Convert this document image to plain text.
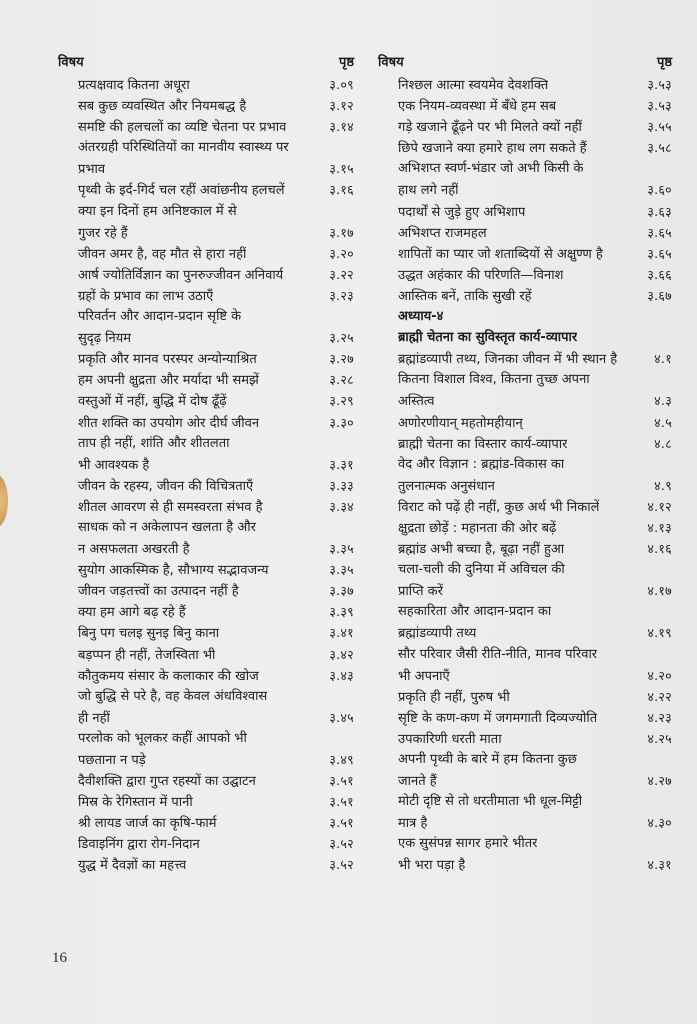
विषय	पृष्ठ
प्रत्यक्षवाद कितना अधूरा	३.०९
सब कुछ व्यवस्थित और नियमबद्ध है	३.१२
समष्टि की हलचलों का व्यष्टि चेतना पर प्रभाव	३.१४
अंतरग्रही परिस्थितियों का मानवीय स्वास्थ्य पर
प्रभाव	३.१५
पृथ्वी के इर्द-गिर्द चल रहीं अवांछनीय हलचलें	३.१६
क्या इन दिनों हम अनिष्टकाल में से
गुजर रहे हैं	३.१७
जीवन अमर है, वह मौत से हारा नहीं	३.२०
आर्ष ज्योतिर्विज्ञान का पुनरुज्जीवन अनिवार्य	३.२२
ग्रहों के प्रभाव का लाभ उठाएँ	३.२३
परिवर्तन और आदान-प्रदान सृष्टि के
सुदृढ़ नियम	३.२५
प्रकृति और मानव परस्पर अन्योन्याश्रित	३.२७
हम अपनी क्षुद्रता और मर्यादा भी समझें	३.२८
वस्तुओं में नहीं, बुद्धि में दोष ढूँढ़ें	३.२९
शीत शक्ति का उपयोग ओर दीर्घ जीवन	३.३०
ताप ही नहीं, शांति और शीतलता
भी आवश्यक है	३.३१
जीवन के रहस्य, जीवन की विचित्रताएँ	३.३३
शीतल आवरण से ही समस्वरता संभव है	३.३४
साधक को न अकेलापन खलता है और
न असफलता अखरती है	३.३५
सुयोग आकस्मिक है, सौभाग्य सद्भावजन्य	३.३५
जीवन जड़तत्त्वों का उत्पादन नहीं है	३.३७
क्या हम आगे बढ़ रहे हैं	३.३९
बिनु पग चलइ सुनइ बिनु काना	३.४१
बड़प्पन ही नहीं, तेजस्विता भी	३.४२
कौतुकमय संसार के कलाकार की खोज	३.४३
जो बुद्धि से परे है, वह केवल अंधविश्वास
ही नहीं	३.४५
परलोक को भूलकर कहीं आपको भी
पछताना न पड़े	३.४९
दैवीशक्ति द्वारा गुप्त रहस्यों का उद्घाटन	३.५१
मिस्र के रेगिस्तान में पानी	३.५१
श्री लायड जार्ज का कृषि-फार्म	३.५१
डिवाइनिंग द्वारा रोग-निदान	३.५२
युद्ध में दैवज्ञों का महत्त्व	३.५२
विषय	पृष्ठ
निश्छल आत्मा स्वयमेव देवशक्ति	३.५३
एक नियम-व्यवस्था में बँधे हम सब	३.५३
गड़े खजाने ढूँढ़ने पर भी मिलते क्यों नहीं	३.५५
छिपे खजाने क्या हमारे हाथ लग सकते हैं	३.५८
अभिशप्त स्वर्ण-भंडार जो अभी किसी के
हाथ लगे नहीं	३.६०
पदार्थों से जुड़े हुए अभिशाप	३.६३
अभिशप्त राजमहल	३.६५
शापितों का प्यार जो शताब्दियों से अक्षुण्ण है	३.६५
उद्धत अहंकार की परिणति—विनाश	३.६६
आस्तिक बनें, ताकि सुखी रहें	३.६७
अध्याय-४
ब्राह्मी चेतना का सुविस्तृत कार्य-व्यापार
ब्रह्मांडव्यापी तथ्य, जिनका जीवन में भी स्थान है	४.१
कितना विशाल विश्व, कितना तुच्छ अपना
अस्तित्व	४.३
अणोरणीयान् महतोमहीयान्	४.५
ब्राह्मी चेतना का विस्तार कार्य-व्यापार	४.८
वेद और विज्ञान : ब्रह्मांड-विकास का
तुलनात्मक अनुसंधान	४.९
विराट को पढ़ें ही नहीं, कुछ अर्थ भी निकालें	४.१२
क्षुद्रता छोड़ें : महानता की ओर बढ़ें	४.१३
ब्रह्मांड अभी बच्चा है, बूढ़ा नहीं हुआ	४.१६
चला-चली की दुनिया में अविचल की
प्राप्ति करें	४.१७
सहकारिता और आदान-प्रदान का
ब्रह्मांडव्यापी तथ्य	४.१९
सौर परिवार जैसी रीति-नीति, मानव परिवार
भी अपनाएँ	४.२०
प्रकृति ही नहीं, पुरुष भी	४.२२
सृष्टि के कण-कण में जगमगाती दिव्यज्योति	४.२३
उपकारिणी धरती माता	४.२५
अपनी पृथ्वी के बारे में हम कितना कुछ
जानते हैं	४.२७
मोटी दृष्टि से तो धरतीमाता भी धूल-मिट्टी
मात्र है	४.३०
एक सुसंपन्न सागर हमारे भीतर
भी भरा पड़ा है	४.३१
16
